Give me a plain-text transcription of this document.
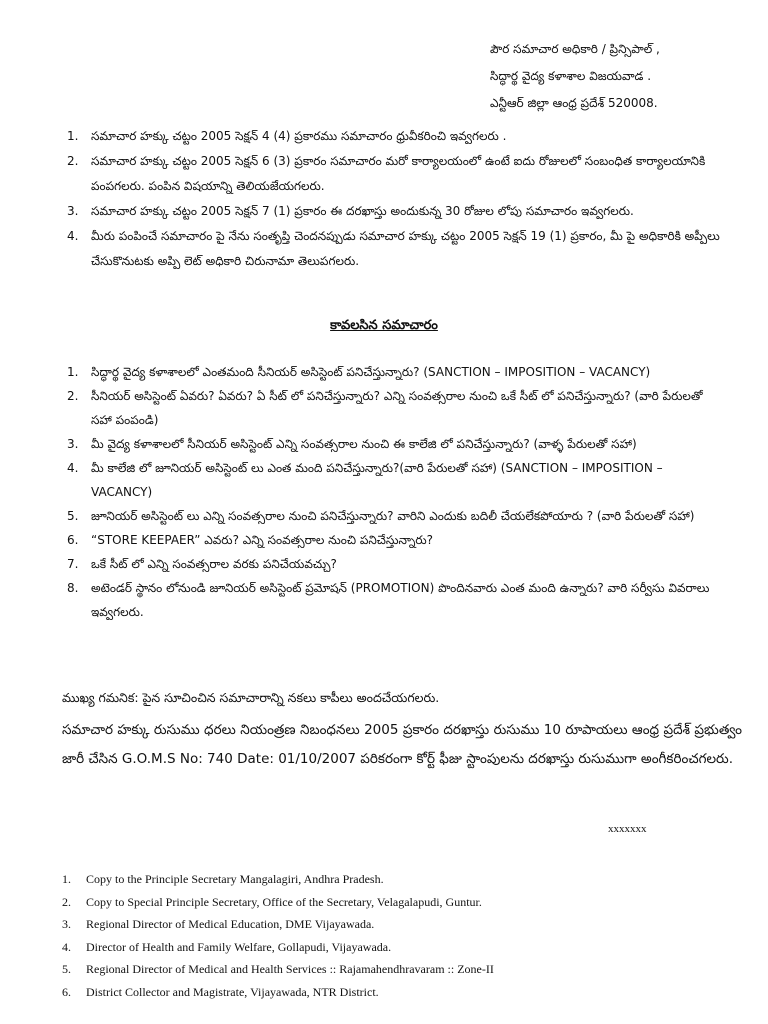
పౌర సమాచార అధికారి / ప్రిన్సిపాల్ ,
సిద్ధార్థ వైద్య కళాశాల విజయవాడ .
ఎన్టీఆర్ జిల్లా ఆంధ్ర ప్రదేశ్ 520008.
1.	సమాచార హక్కు చట్టం 2005 సెక్షన్ 4 (4) ప్రకారము సమాచారం ధ్రువీకరించి ఇవ్వగలరు .
2.	సమాచార హక్కు చట్టం 2005 సెక్షన్ 6 (3) ప్రకారం సమాచారం మరో కార్యాలయంలో ఉంటే ఐదు రోజులలో సంబంధిత కార్యాలయానికి పంపగలరు. పంపిన విషయాన్ని తెలియజేయగలరు.
3.	సమాచార హక్కు చట్టం 2005 సెక్షన్ 7 (1) ప్రకారం ఈ దరఖాస్తు అందుకున్న 30 రోజుల లోపు సమాచారం ఇవ్వగలరు.
4.	మీరు పంపించే సమాచారం పై నేను సంతృప్తి చెందనప్పుడు సమాచార హక్కు చట్టం 2005 సెక్షన్ 19 (1) ప్రకారం, మీ పై అధికారికి అప్పీలు చేసుకొనుటకు అప్పి లెట్ అధికారి చిరునామా తెలుపగలరు.
కావలసిన సమాచారం
1.	సిద్ధార్థ వైద్య కళాశాలలో ఎంతమంది సీనియర్ అసిస్టెంట్ పనిచేస్తున్నారు? (SANCTION – IMPOSITION – VACANCY)
2.	సీనియర్ అసిస్టెంట్ ఏవరు? ఏవరు? ఏ సీట్ లో పనిచేస్తున్నారు? ఎన్ని సంవత్సరాల నుంచి ఒకే సీట్ లో పనిచేస్తున్నారు? (వారి పేరులతో సహా పంపండి)
3.	మీ వైద్య కళాశాలలో సీనియర్ అసిస్టెంట్ ఎన్ని సంవత్సరాల నుంచి ఈ కాలేజి లో పనిచేస్తున్నారు? (వాళ్ళ పేరులతో సహా)
4.	మీ కాలేజి లో జూనియర్ అసిస్టెంట్ లు ఎంత మంది పనిచేస్తున్నారు?(వారి పేరులతో సహా) (SANCTION – IMPOSITION – VACANCY)
5.	జూనియర్ అసిస్టెంట్ లు ఎన్ని సంవత్సరాల నుంచి పనిచేస్తున్నారు? వారిని ఎందుకు బదిలీ చేయలేకపోయారు ? (వారి పేరులతో సహా)
6.	“STORE KEEPAER” ఎవరు? ఎన్ని సంవత్సరాల నుంచి పనిచేస్తున్నారు?
7.	ఒకే సీట్ లో ఎన్ని సంవత్సరాల వరకు పనిచేయవచ్చు?
8.	అటెండర్ స్థానం లోనుండి జూనియర్ అసిస్టెంట్ ప్రమోషన్ (PROMOTION) పొందినవారు ఎంత మంది ఉన్నారు? వారి సర్వీసు వివరాలు ఇవ్వగలరు.
ముఖ్య గమనిక: పైన సూచించిన సమాచారాన్ని నకలు కాపీలు అందచేయగలరు.
సమాచార హక్కు రుసుము ధరలు నియంత్రణ నిబంధనలు 2005 ప్రకారం దరఖాస్తు రుసుము 10 రూపాయలు ఆంధ్ర ప్రదేశ్ ప్రభుత్వం జారీ చేసిన G.O.M.S No: 740 Date: 01/10/2007 పరికరంగా కోర్ట్ ఫీజు స్టాంపులను దరఖాస్తు రుసుముగా అంగీకరించగలరు.
xxxxxxx
1.	Copy to the Principle Secretary Mangalagiri, Andhra Pradesh.
2.	Copy to Special Principle Secretary, Office of the Secretary, Velagalapudi, Guntur.
3.	Regional Director of Medical Education, DME Vijayawada.
4.	Director of Health and Family Welfare, Gollapudi, Vijayawada.
5.	Regional Director of Medical and Health Services :: Rajamahendhravaram :: Zone-II
6.	District Collector and Magistrate, Vijayawada, NTR District.
